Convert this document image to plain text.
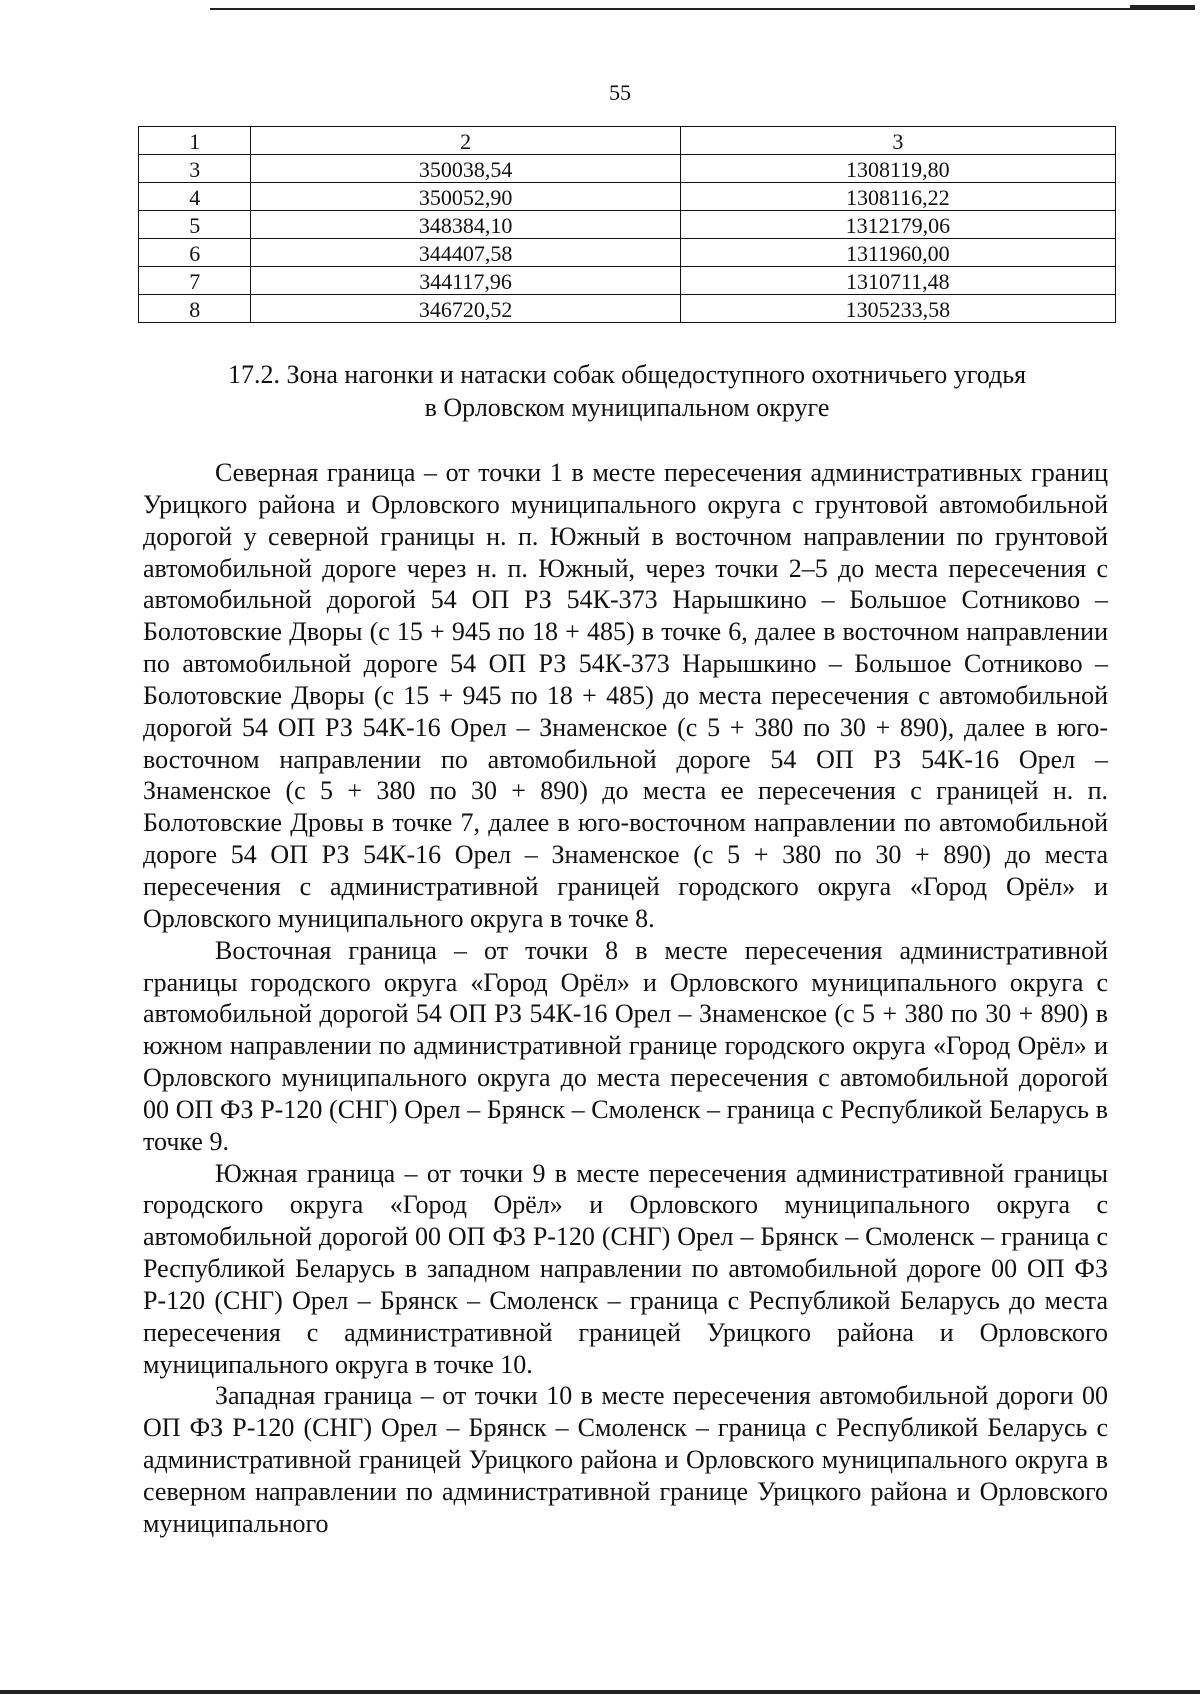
55
1	2	3
3	350038,54	1308119,80
4	350052,90	1308116,22
5	348384,10	1312179,06
6	344407,58	1311960,00
7	344117,96	1310711,48
8	346720,52	1305233,58
17.2. Зона нагонки и натаски собак общедоступного охотничьего угодья
в Орловском муниципальном округе

Северная граница – от точки 1 в месте пересечения административных границ Урицкого района и Орловского муниципального округа с грунтовой автомобильной дорогой у северной границы н. п. Южный в восточном направлении по грунтовой автомобильной дороге через н. п. Южный, через точки 2–5 до места пересечения с автомобильной дорогой 54 ОП РЗ 54К-373 Нарышкино – Большое Сотниково – Болотовские Дворы (с 15 + 945 по 18 + 485) в точке 6, далее в восточном направлении по автомобильной дороге 54 ОП РЗ 54К-373 Нарышкино – Большое Сотниково – Болотовские Дворы (с 15 + 945 по 18 + 485) до места пересечения с автомобильной дорогой 54 ОП РЗ 54К-16 Орел – Знаменское (с 5 + 380 по 30 + 890), далее в юго-восточном направлении по автомобильной дороге 54 ОП РЗ 54К-16 Орел – Знаменское (с 5 + 380 по 30 + 890) до места ее пересечения с границей н. п. Болотовские Дровы в точке 7, далее в юго-восточном направлении по автомобильной дороге 54 ОП РЗ 54К-16 Орел – Знаменское (с 5 + 380 по 30 + 890) до места пересечения с административной границей городского округа «Город Орёл» и Орловского муниципального округа в точке 8.

Восточная граница – от точки 8 в месте пересечения административной границы городского округа «Город Орёл» и Орловского муниципального округа с автомобильной дорогой 54 ОП РЗ 54К-16 Орел – Знаменское (с 5 + 380 по 30 + 890) в южном направлении по административной границе городского округа «Город Орёл» и Орловского муниципального округа до места пересечения с автомобильной дорогой 00 ОП ФЗ Р-120 (СНГ) Орел – Брянск – Смоленск – граница с Республикой Беларусь в точке 9.

Южная граница – от точки 9 в месте пересечения административной границы городского округа «Город Орёл» и Орловского муниципального округа с автомобильной дорогой 00 ОП ФЗ Р-120 (СНГ) Орел – Брянск – Смоленск – граница с Республикой Беларусь в западном направлении по автомобильной дороге 00 ОП ФЗ Р-120 (СНГ) Орел – Брянск – Смоленск – граница с Республикой Беларусь до места пересечения с административной границей Урицкого района и Орловского муниципального округа в точке 10.

Западная граница – от точки 10 в месте пересечения автомобильной дороги 00 ОП ФЗ Р-120 (СНГ) Орел – Брянск – Смоленск – граница с Республикой Беларусь с административной границей Урицкого района и Орловского муниципального округа в северном направлении по административной границе Урицкого района и Орловского муниципального
